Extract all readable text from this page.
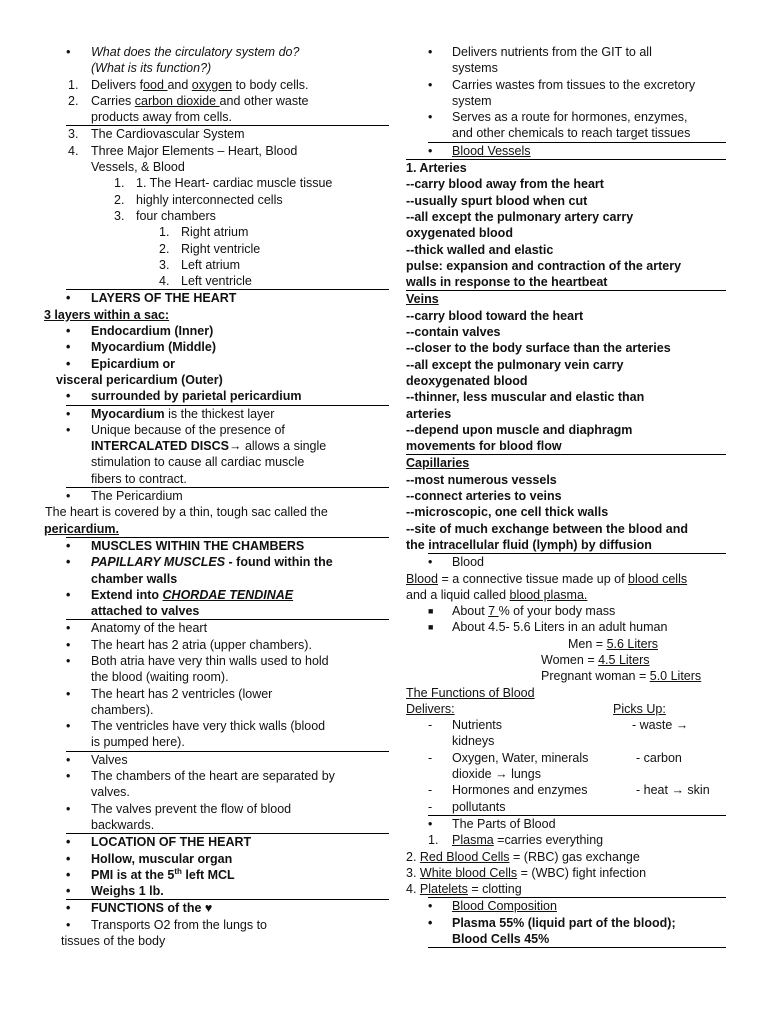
• What does the circulatory system do?
(What is its function?)
1. Delivers food and oxygen to body cells.
2. Carries carbon dioxide and other waste
products away from cells.
3. The Cardiovascular System
4. Three Major Elements – Heart, Blood
Vessels, & Blood
1. 1. The Heart- cardiac muscle tissue
2. highly interconnected cells
3. four chambers
1. Right atrium
2. Right ventricle
3. Left atrium
4. Left ventricle
• LAYERS OF THE HEART
3 layers within a sac:
• Endocardium (Inner)
• Myocardium (Middle)
• Epicardium or
visceral pericardium (Outer)
• surrounded by parietal pericardium
• Myocardium is the thickest layer
• Unique because of the presence of
INTERCALATED DISCS→ allows a single
stimulation to cause all cardiac muscle
fibers to contract.
• The Pericardium
The heart is covered by a thin, tough sac called the
pericardium.
• MUSCLES WITHIN THE CHAMBERS
• PAPILLARY MUSCLES - found within the
chamber walls
• Extend into CHORDAE TENDINAE
attached to valves
• Anatomy of the heart
• The heart has 2 atria (upper chambers).
• Both atria have very thin walls used to hold
the blood (waiting room).
• The heart has 2 ventricles (lower
chambers).
• The ventricles have very thick walls (blood
is pumped here).
• Valves
• The chambers of the heart are separated by
valves.
• The valves prevent the flow of blood
backwards.
• LOCATION OF THE HEART
• Hollow, muscular organ
• PMI is at the 5th left MCL
• Weighs 1 lb.
• FUNCTIONS of the ♥
• Transports O2 from the lungs to
tissues of the body
• Delivers nutrients from the GIT to all
systems
• Carries wastes from tissues to the excretory
system
• Serves as a route for hormones, enzymes,
and other chemicals to reach target tissues
• Blood Vessels
1. Arteries
--carry blood away from the heart
--usually spurt blood when cut
--all except the pulmonary artery carry
oxygenated blood
--thick walled and elastic
pulse: expansion and contraction of the artery
walls in response to the heartbeat
Veins
--carry blood toward the heart
--contain valves
--closer to the body surface than the arteries
--all except the pulmonary vein carry
deoxygenated blood
--thinner, less muscular and elastic than
arteries
--depend upon muscle and diaphragm
movements for blood flow
Capillaries
--most numerous vessels
--connect arteries to veins
--microscopic, one cell thick walls
--site of much exchange between the blood and
the intracellular fluid (lymph) by diffusion
• Blood
Blood = a connective tissue made up of blood cells
and a liquid called blood plasma.
■ About 7 % of your body mass
■ About 4.5- 5.6 Liters in an adult human
Men = 5.6 Liters
Women = 4.5 Liters
Pregnant woman = 5.0 Liters
The Functions of Blood
Delivers:	Picks Up:
- Nutrients	- waste →
kidneys
- Oxygen, Water, minerals	- carbon
dioxide → lungs
- Hormones and enzymes	- heat → skin
- pollutants
• The Parts of Blood
1. Plasma =carries everything
2. Red Blood Cells = (RBC) gas exchange
3. White blood Cells = (WBC) fight infection
4. Platelets = clotting
• Blood Composition
• Plasma 55% (liquid part of the blood);
Blood Cells 45%
